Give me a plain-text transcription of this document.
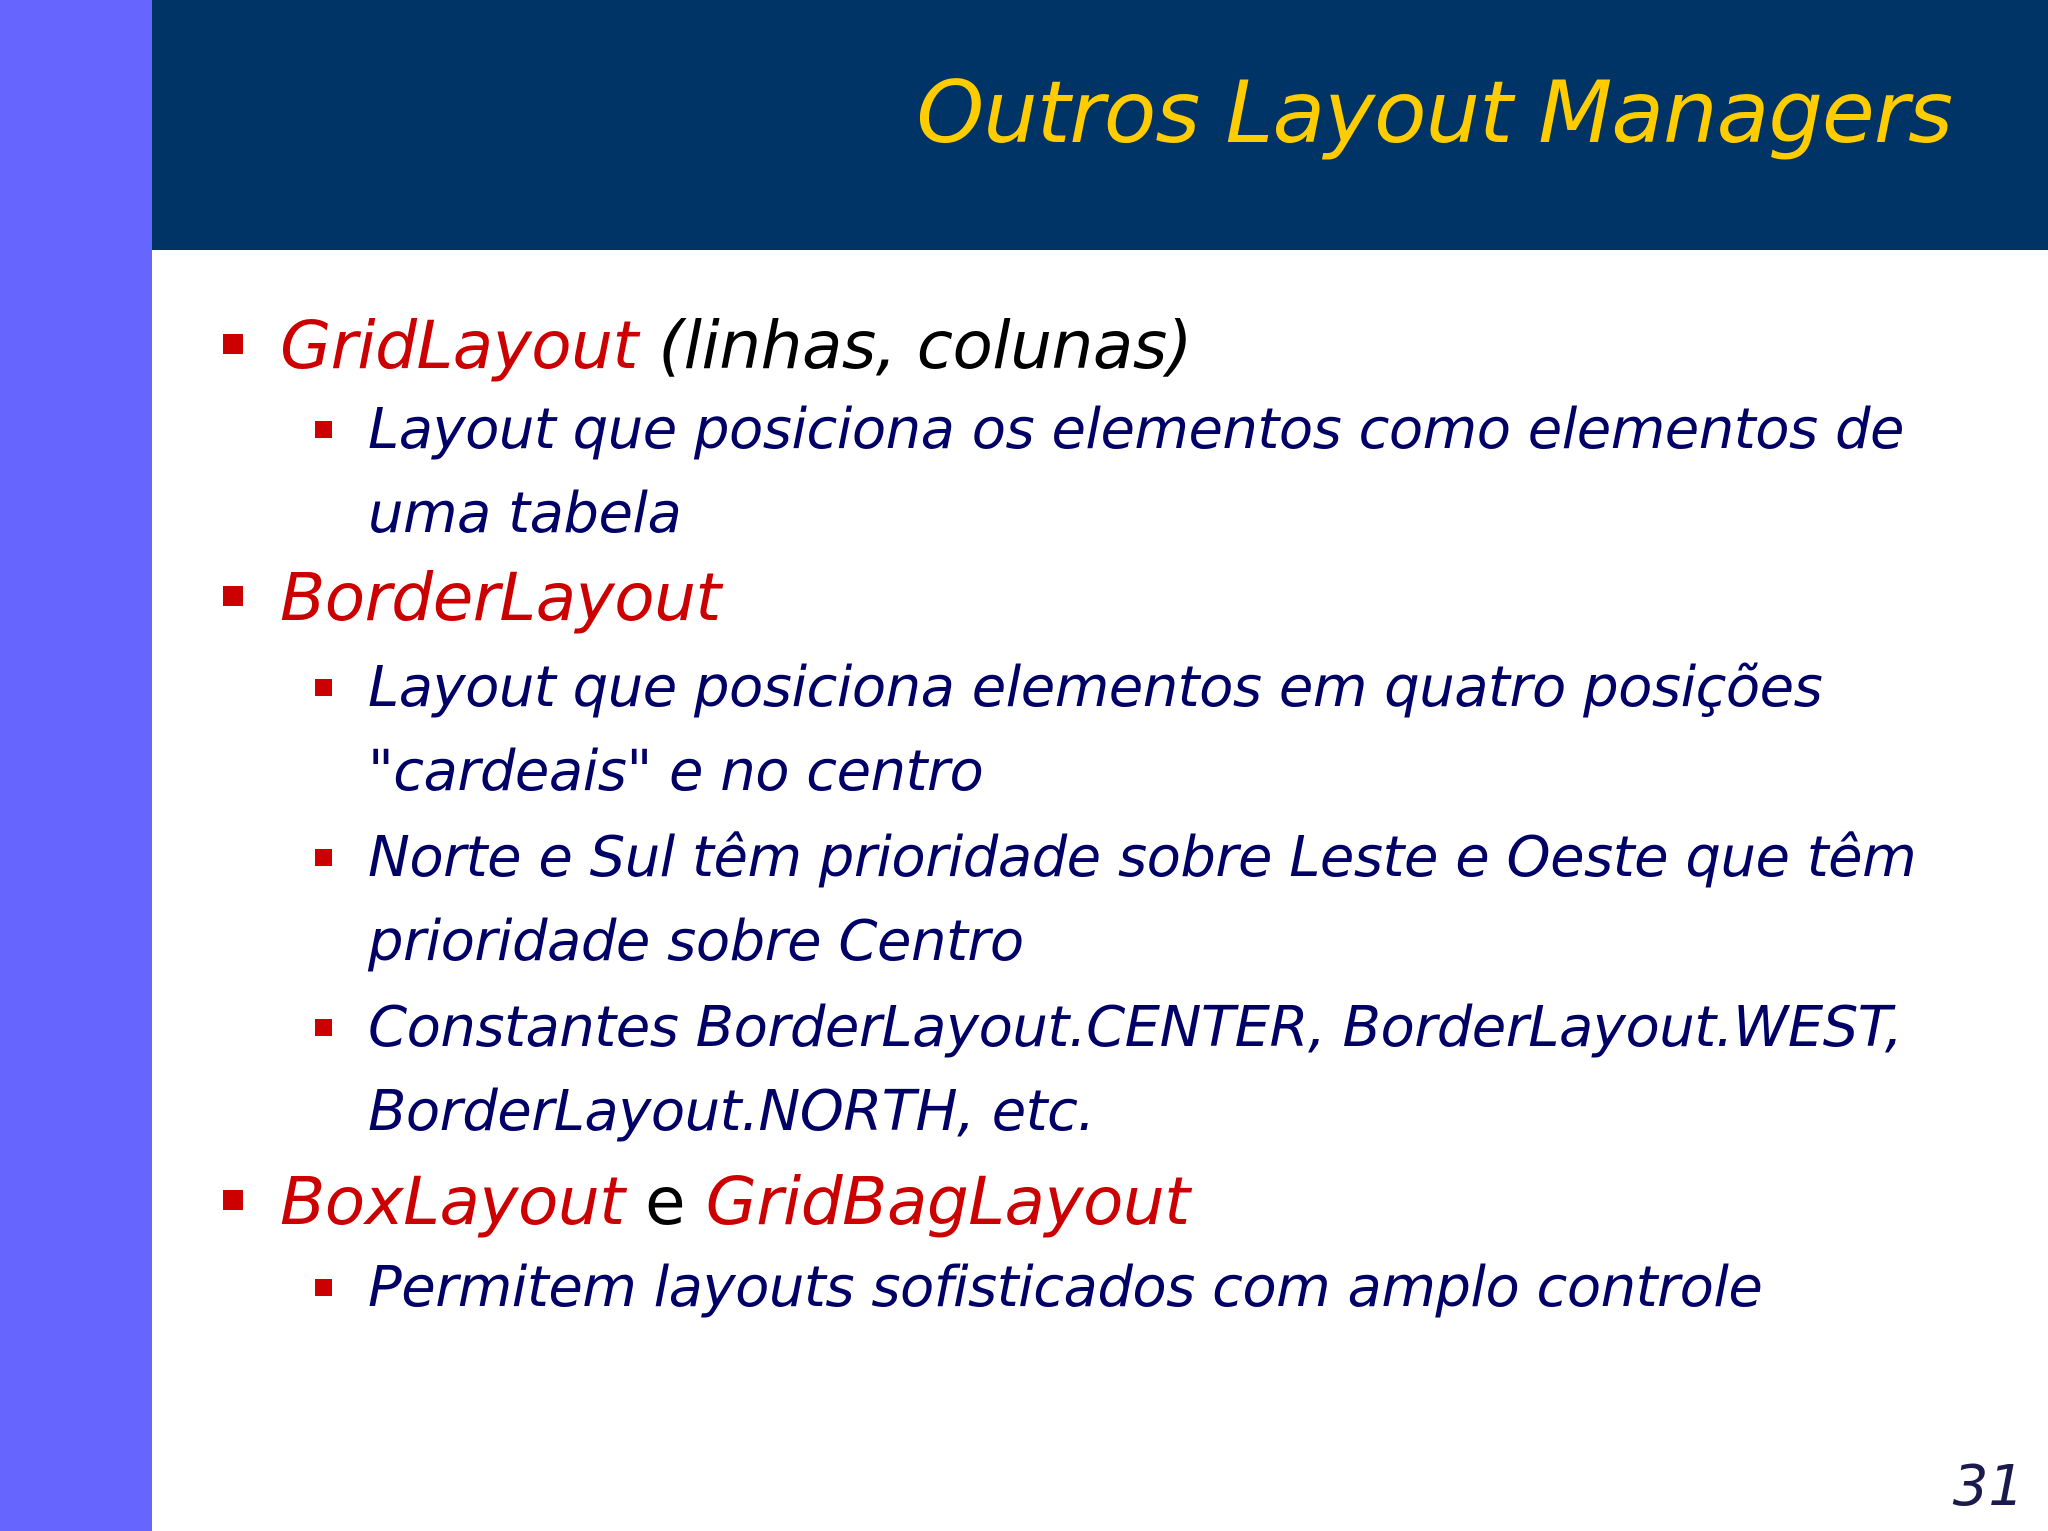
Outros Layout Managers
GridLayout (linhas, colunas)
Layout que posiciona os elementos como elementos de uma tabela
BorderLayout
Layout que posiciona elementos em quatro posições "cardeais" e no centro
Norte e Sul têm prioridade sobre Leste e Oeste que têm prioridade sobre Centro
Constantes BorderLayout.CENTER, BorderLayout.WEST, BorderLayout.NORTH, etc.
BoxLayout e GridBagLayout
Permitem layouts sofisticados com amplo controle
31
